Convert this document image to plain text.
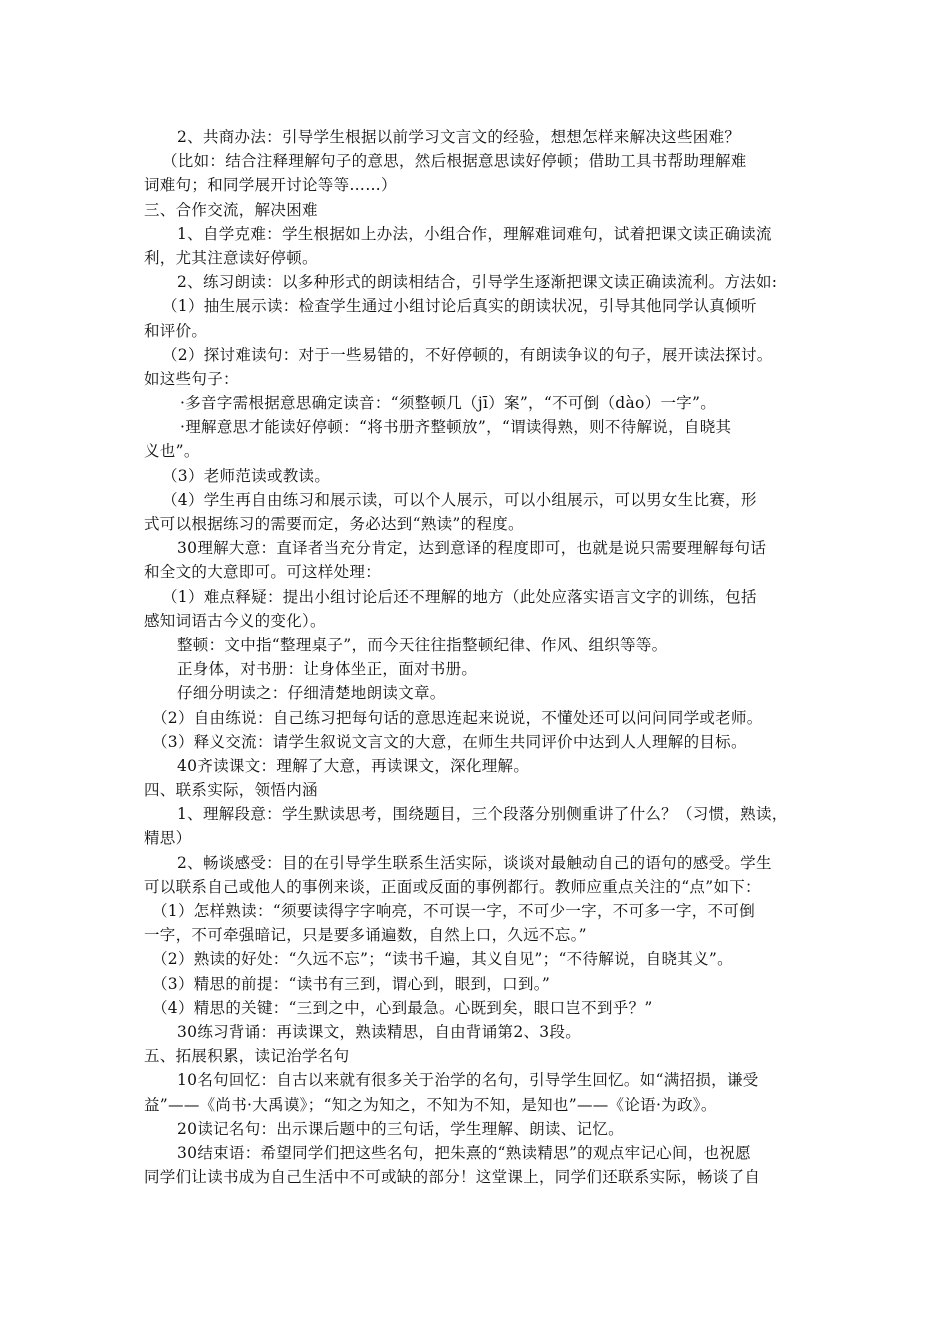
2、共商办法：引导学生根据以前学习文言文的经验，想想怎样来解决这些困难？
（比如：结合注释理解句子的意思，然后根据意思读好停顿；借助工具书帮助理解难
词难句；和同学展开讨论等等……）
三、合作交流，解决困难
1、自学克难：学生根据如上办法，小组合作，理解难词难句，试着把课文读正确读流
利，尤其注意读好停顿。
2、练习朗读：以多种形式的朗读相结合，引导学生逐渐把课文读正确读流利。方法如:
（1）抽生展示读：检查学生通过小组讨论后真实的朗读状况，引导其他同学认真倾听
和评价。
（2）探讨难读句：对于一些易错的，不好停顿的，有朗读争议的句子，展开读法探讨。
如这些句子：
·多音字需根据意思确定读音：“须整顿几（jī）案”，“不可倒（dào）一字”。
·理解意思才能读好停顿：“将书册齐整顿放”，“谓读得熟，则不待解说，自晓其
义也”。
（3）老师范读或教读。
（4）学生再自由练习和展示读，可以个人展示，可以小组展示，可以男女生比赛，形
式可以根据练习的需要而定，务必达到“熟读”的程度。
30理解大意：直译者当充分肯定，达到意译的程度即可，也就是说只需要理解每句话
和全文的大意即可。可这样处理：
（1）难点释疑：提出小组讨论后还不理解的地方（此处应落实语言文字的训练，包括
感知词语古今义的变化）。
整顿：文中指“整理桌子”，而今天往往指整顿纪律、作风、组织等等。
正身体，对书册：让身体坐正，面对书册。
仔细分明读之：仔细清楚地朗读文章。
（2）自由练说：自己练习把每句话的意思连起来说说，不懂处还可以问问同学或老师。
（3）释义交流：请学生叙说文言文的大意，在师生共同评价中达到人人理解的目标。
40齐读课文：理解了大意，再读课文，深化理解。
四、联系实际，领悟内涵
1、理解段意：学生默读思考，围绕题目，三个段落分别侧重讲了什么？（习惯，熟读，
精思）
2、畅谈感受：目的在引导学生联系生活实际，谈谈对最触动自己的语句的感受。学生
可以联系自己或他人的事例来谈，正面或反面的事例都行。教师应重点关注的“点”如下：
（1）怎样熟读：“须要读得字字响亮，不可误一字，不可少一字，不可多一字，不可倒
一字，不可牵强暗记，只是要多诵遍数，自然上口，久远不忘。”
（2）熟读的好处：“久远不忘”；“读书千遍，其义自见”；“不待解说，自晓其义”。
（3）精思的前提：“读书有三到，谓心到，眼到，口到。”
（4）精思的关键：“三到之中，心到最急。心既到矣，眼口岂不到乎？”
30练习背诵：再读课文，熟读精思，自由背诵第2、3段。
五、拓展积累，读记治学名句
10名句回忆：自古以来就有很多关于治学的名句，引导学生回忆。如“满招损，谦受
益”——《尚书·大禹谟》；“知之为知之，不知为不知，是知也”——《论语·为政》。
20读记名句：出示课后题中的三句话，学生理解、朗读、记忆。
30结束语：希望同学们把这些名句，把朱熹的“熟读精思”的观点牢记心间，也祝愿
同学们让读书成为自己生活中不可或缺的部分！这堂课上，同学们还联系实际，畅谈了自
